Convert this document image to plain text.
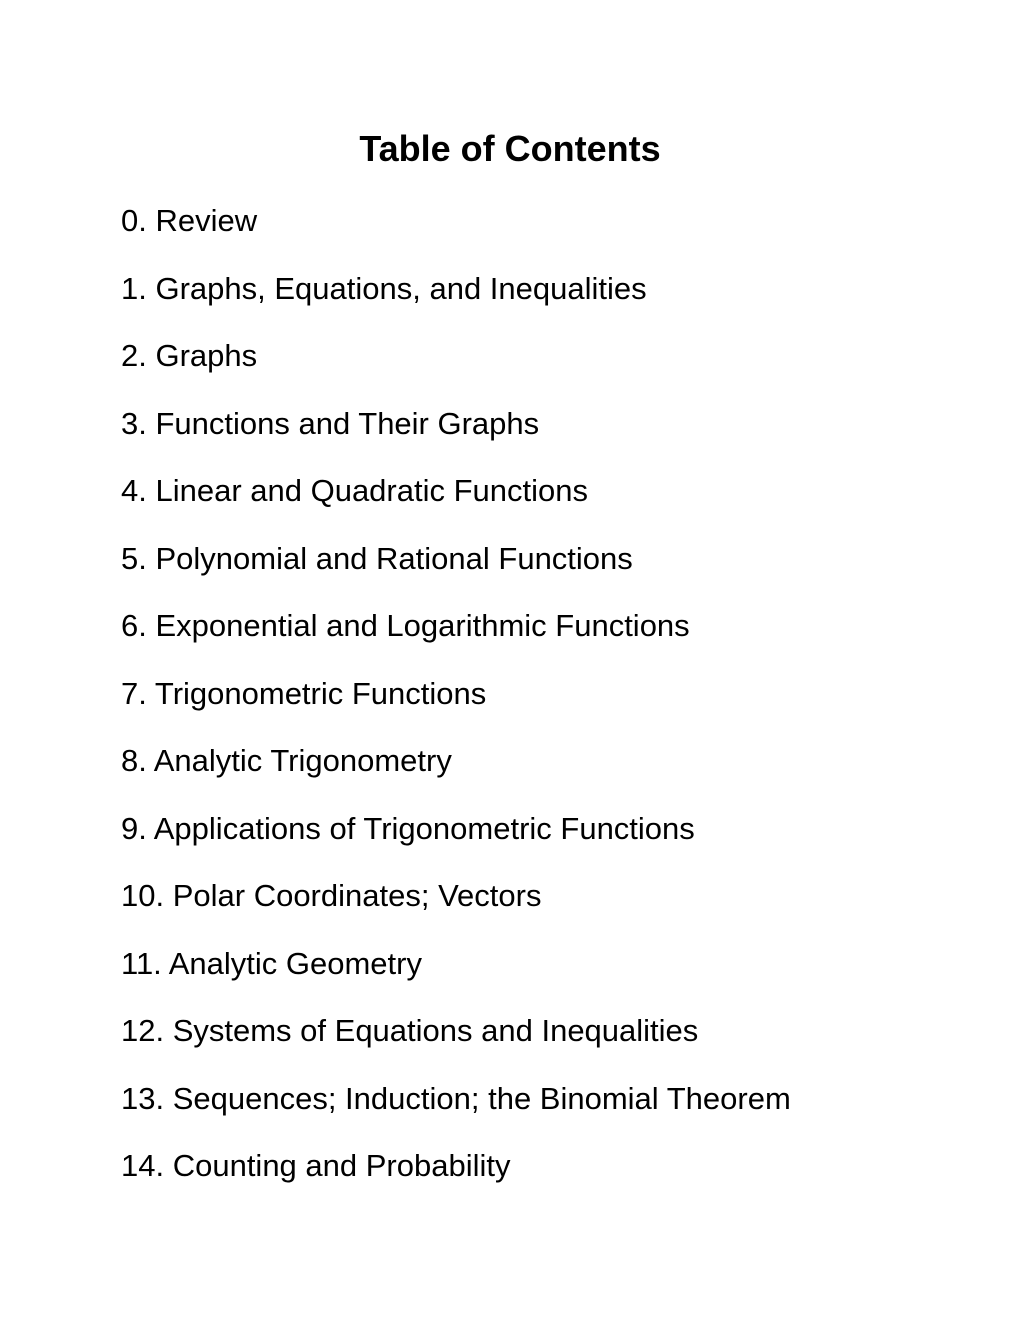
Table of Contents
0. Review
1. Graphs, Equations, and Inequalities
2. Graphs
3. Functions and Their Graphs
4. Linear and Quadratic Functions
5. Polynomial and Rational Functions
6. Exponential and Logarithmic Functions
7. Trigonometric Functions
8. Analytic Trigonometry
9. Applications of Trigonometric Functions
10. Polar Coordinates; Vectors
11. Analytic Geometry
12. Systems of Equations and Inequalities
13. Sequences; Induction; the Binomial Theorem
14. Counting and Probability
